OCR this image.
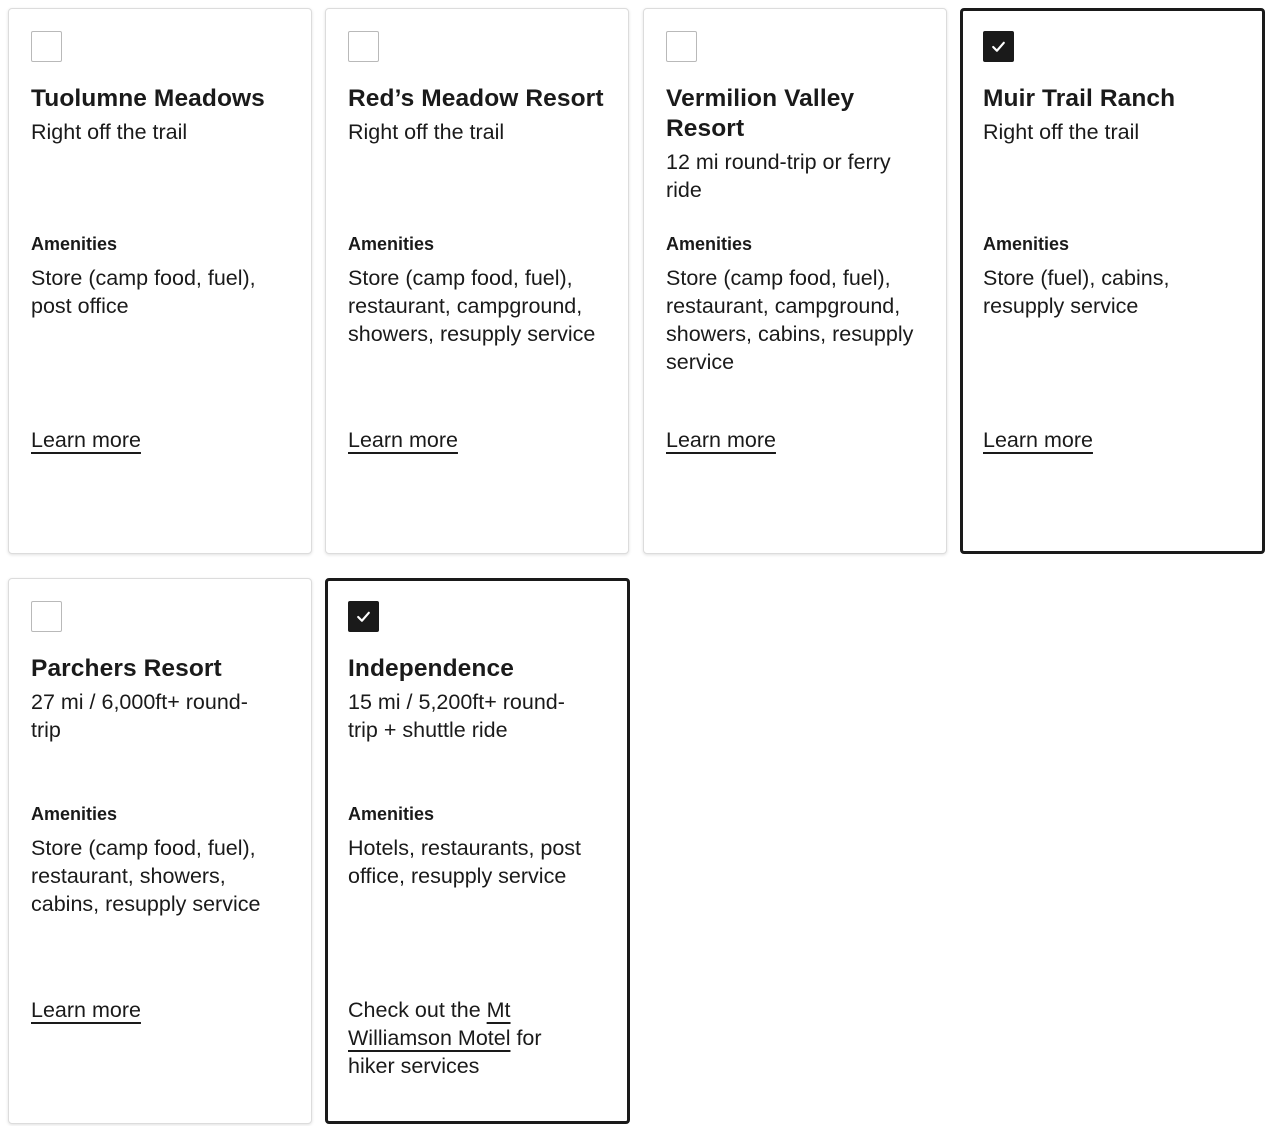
Tuolumne Meadows
Right off the trail
Amenities
Store (camp food, fuel), post office
Learn more
Red’s Meadow Resort
Right off the trail
Amenities
Store (camp food, fuel), restaurant, campground, showers, resupply service
Learn more
Vermilion Valley Resort
12 mi round-trip or ferry ride
Amenities
Store (camp food, fuel), restaurant, campground, showers, cabins, resupply service
Learn more
Muir Trail Ranch
Right off the trail
Amenities
Store (fuel), cabins, resupply service
Learn more
Parchers Resort
27 mi / 6,000ft+ round-trip
Amenities
Store (camp food, fuel), restaurant, showers, cabins, resupply service
Learn more
Independence
15 mi / 5,200ft+ round-trip + shuttle ride
Amenities
Hotels, restaurants, post office, resupply service
Check out the Mt Williamson Motel for hiker services
